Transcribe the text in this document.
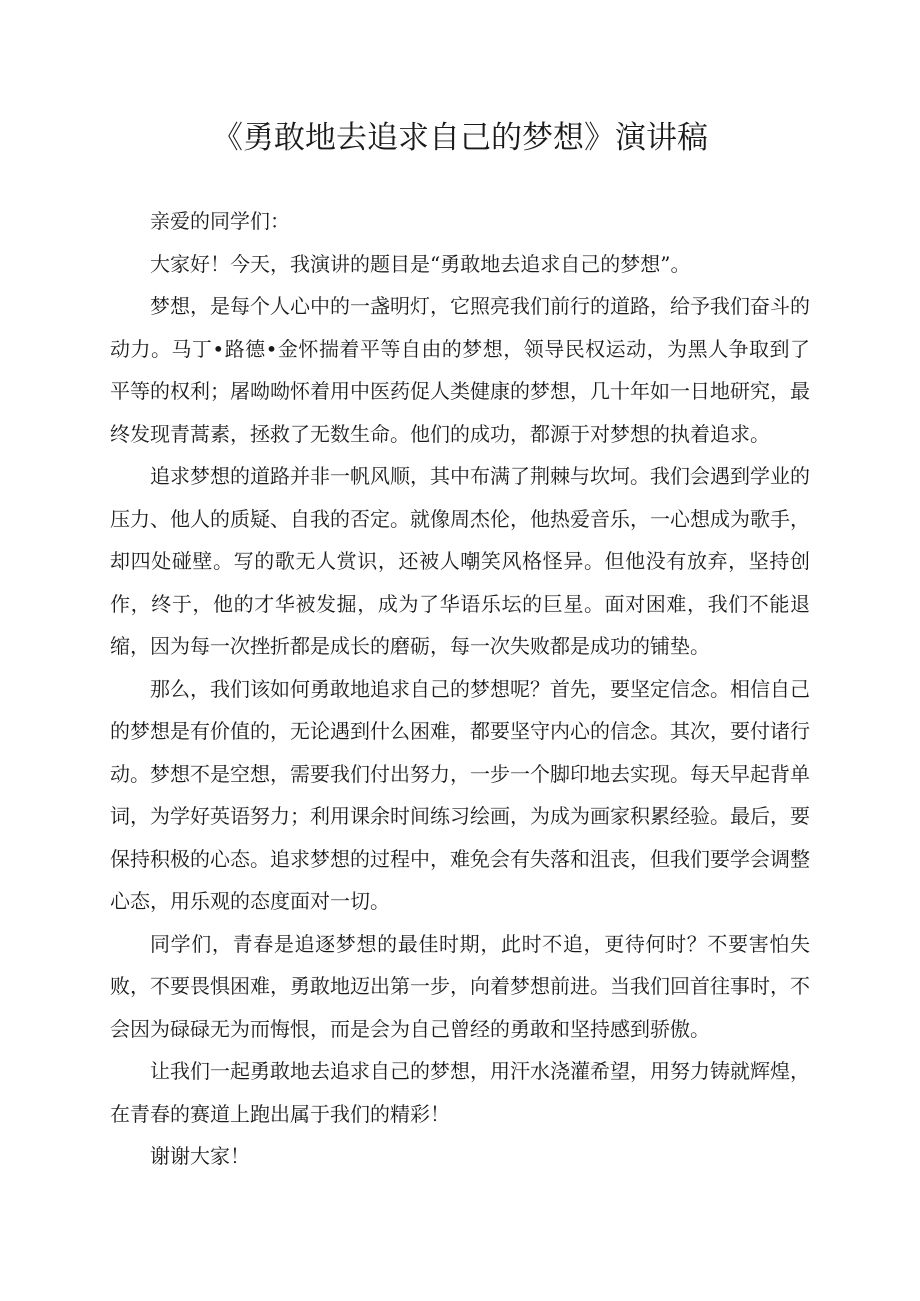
《勇敢地去追求自己的梦想》演讲稿

亲爱的同学们：

大家好！今天，我演讲的题目是“勇敢地去追求自己的梦想”。

梦想，是每个人心中的一盏明灯，它照亮我们前行的道路，给予我们奋斗的动力。马丁•路德•金怀揣着平等自由的梦想，领导民权运动，为黑人争取到了平等的权利；屠呦呦怀着用中医药促人类健康的梦想，几十年如一日地研究，最终发现青蒿素，拯救了无数生命。他们的成功，都源于对梦想的执着追求。

追求梦想的道路并非一帆风顺，其中布满了荆棘与坎坷。我们会遇到学业的压力、他人的质疑、自我的否定。就像周杰伦，他热爱音乐，一心想成为歌手，却四处碰壁。写的歌无人赏识，还被人嘲笑风格怪异。但他没有放弃，坚持创作，终于，他的才华被发掘，成为了华语乐坛的巨星。面对困难，我们不能退缩，因为每一次挫折都是成长的磨砺，每一次失败都是成功的铺垫。

那么，我们该如何勇敢地追求自己的梦想呢？首先，要坚定信念。相信自己的梦想是有价值的，无论遇到什么困难，都要坚守内心的信念。其次，要付诸行动。梦想不是空想，需要我们付出努力，一步一个脚印地去实现。每天早起背单词，为学好英语努力；利用课余时间练习绘画，为成为画家积累经验。最后，要保持积极的心态。追求梦想的过程中，难免会有失落和沮丧，但我们要学会调整心态，用乐观的态度面对一切。

同学们，青春是追逐梦想的最佳时期，此时不追，更待何时？不要害怕失败，不要畏惧困难，勇敢地迈出第一步，向着梦想前进。当我们回首往事时，不会因为碌碌无为而悔恨，而是会为自己曾经的勇敢和坚持感到骄傲。

让我们一起勇敢地去追求自己的梦想，用汗水浇灌希望，用努力铸就辉煌，在青春的赛道上跑出属于我们的精彩！

谢谢大家！
